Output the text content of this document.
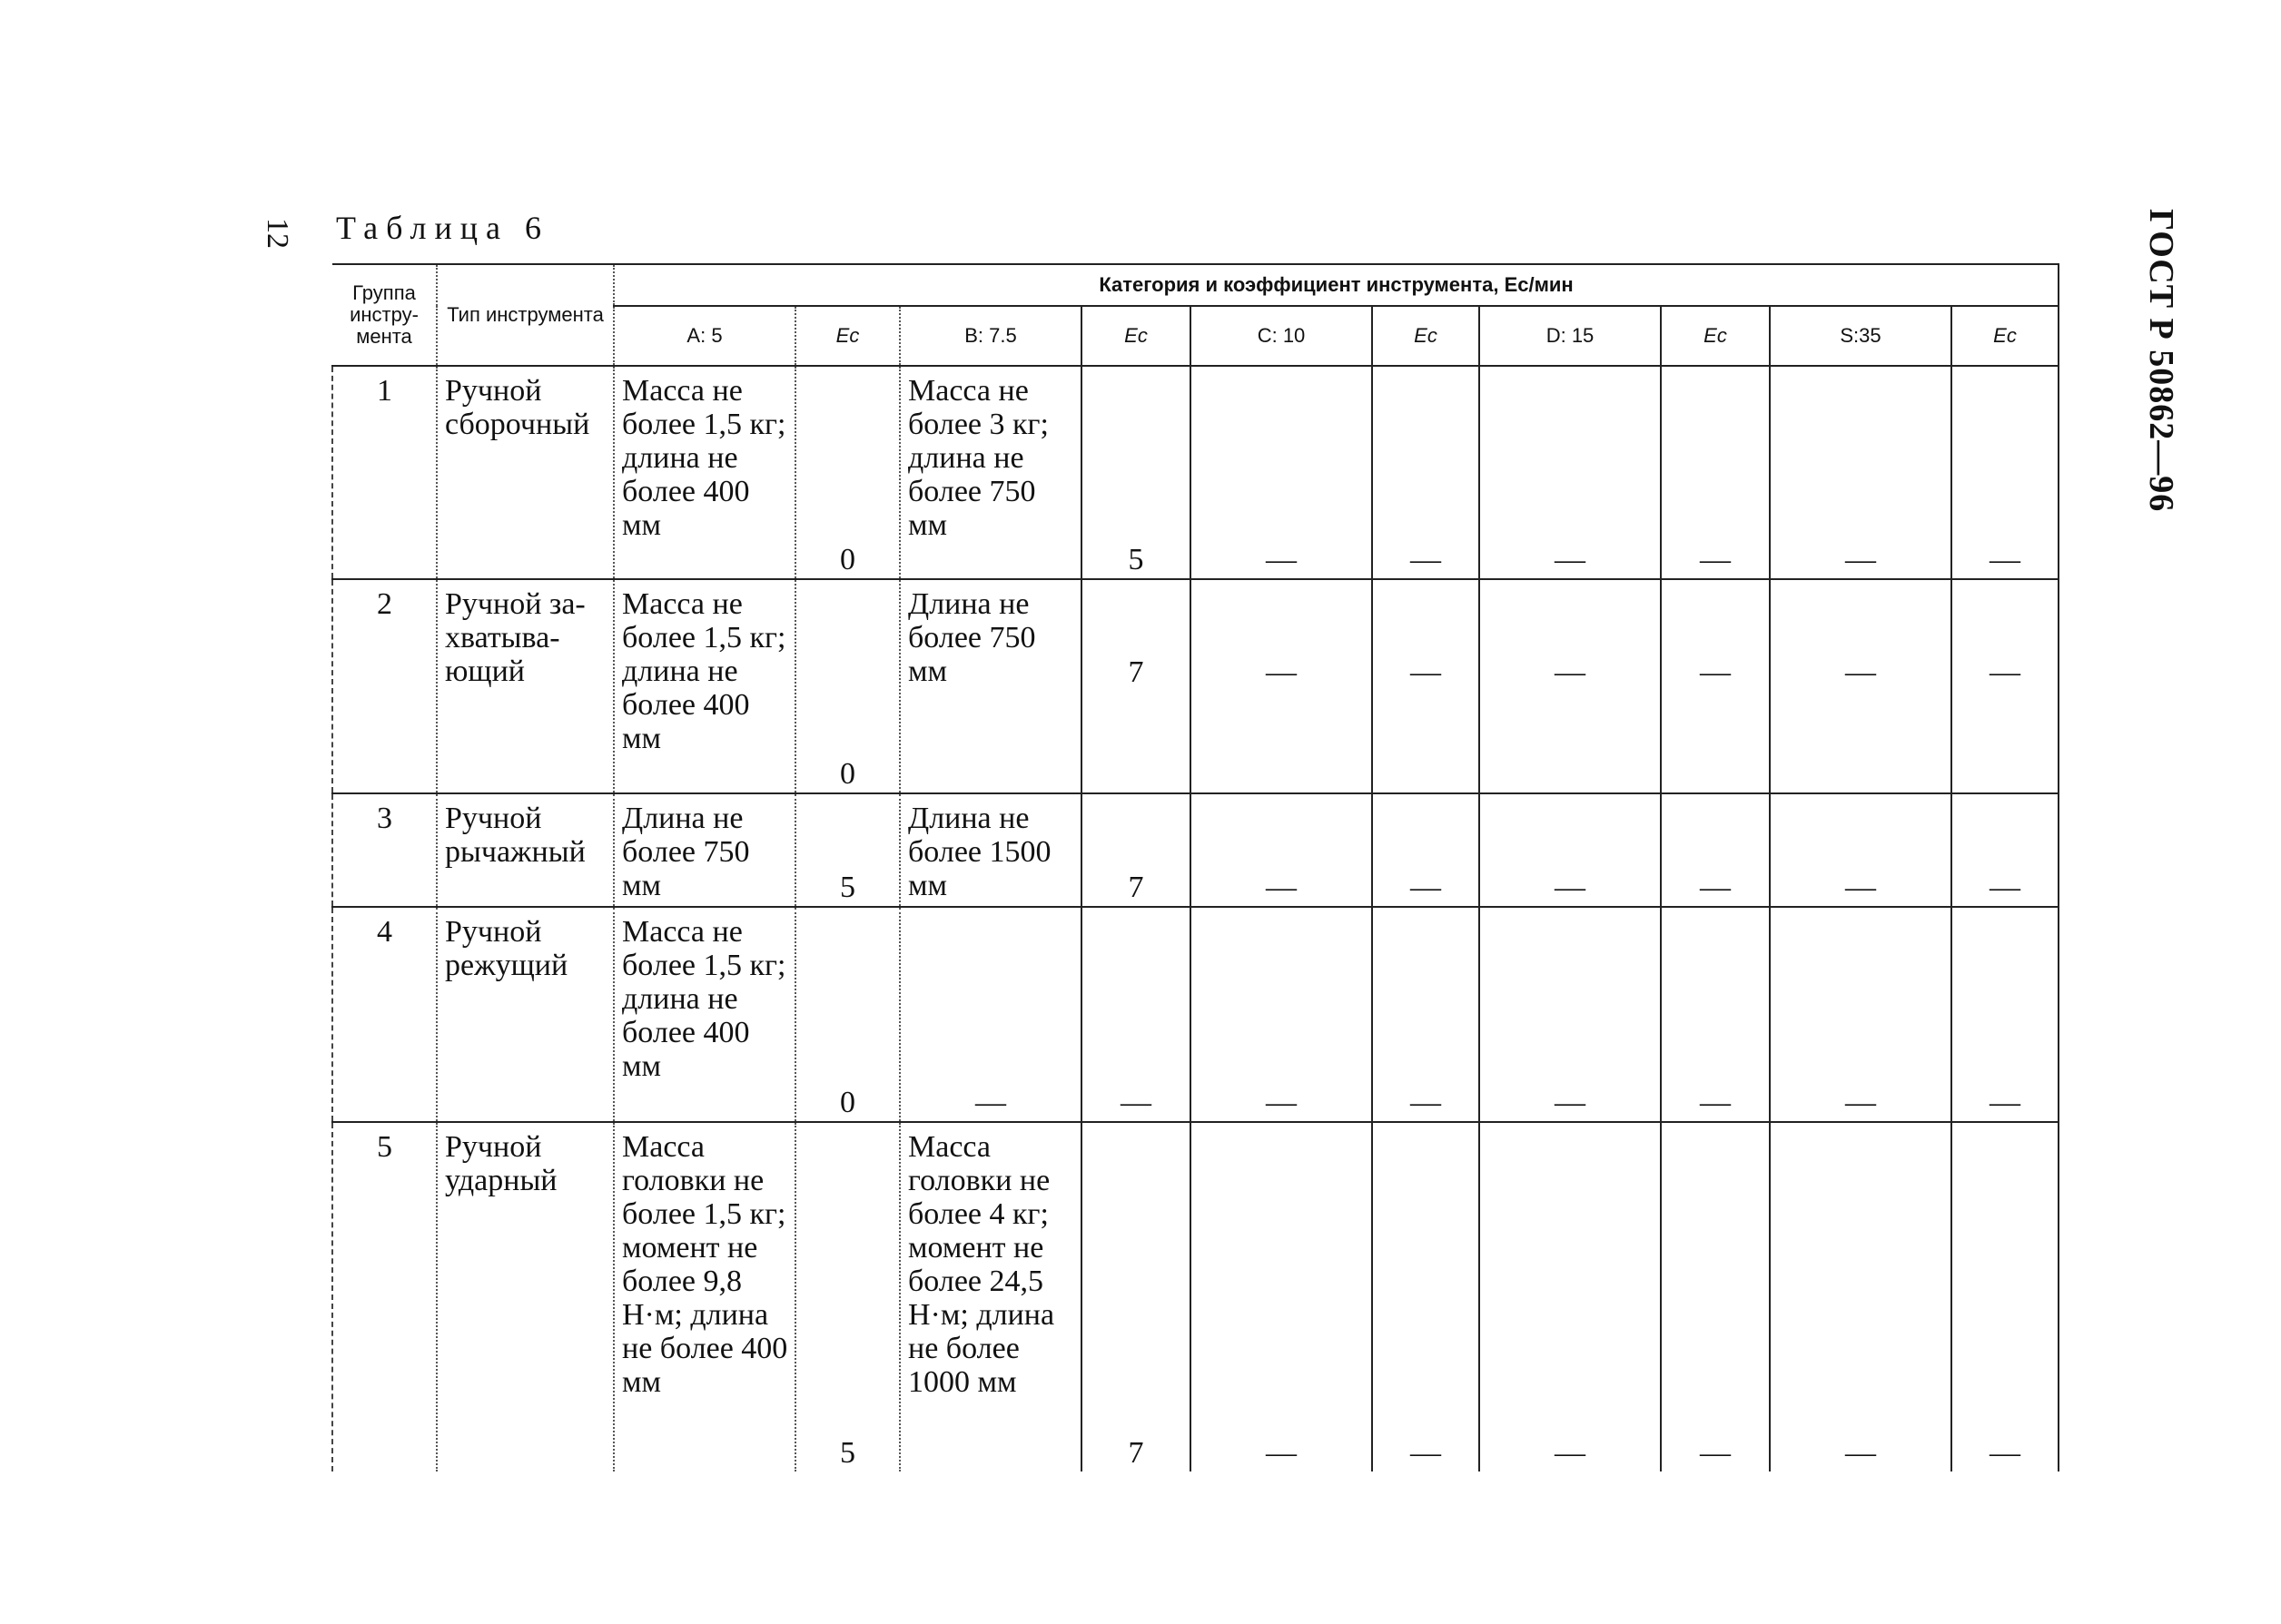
12 Таблица 6	ГОСТ Р 50862—96
Группа инстру-мента	Тип инструмента	Категория и коэффициент инструмента, Eс/мин									
		A: 5	Eс	B: 7.5	Eс	C: 10	Eс	D: 15	Eс	S:35	Eс
1	Ручной сборочный	Масса не более 1,5 кг; длина не более 400 мм	0	Масса не более 3 кг; длина не более 750 мм	5	—	—	—	—	—	—
2	Ручной за-хватыва-ющий	Масса не более 1,5 кг; длина не более 400 мм	0	Длина не более 750 мм	7	—	—	—	—	—	—
3	Ручной рычажный	Длина не более 750 мм	5	Длина не более 1500 мм	7	—	—	—	—	—	—
4	Ручной режущий	Масса не более 1,5 кг; длина не более 400 мм	0	—	—	—	—	—	—	—	—
5	Ручной ударный	Масса головки не более 1,5 кг; момент не более 9,8 Н·м; длина не более 400 мм	5	Масса головки не более 4 кг; момент не более 24,5 Н·м; длина не более 1000 мм	7	—	—	—	—	—	—
